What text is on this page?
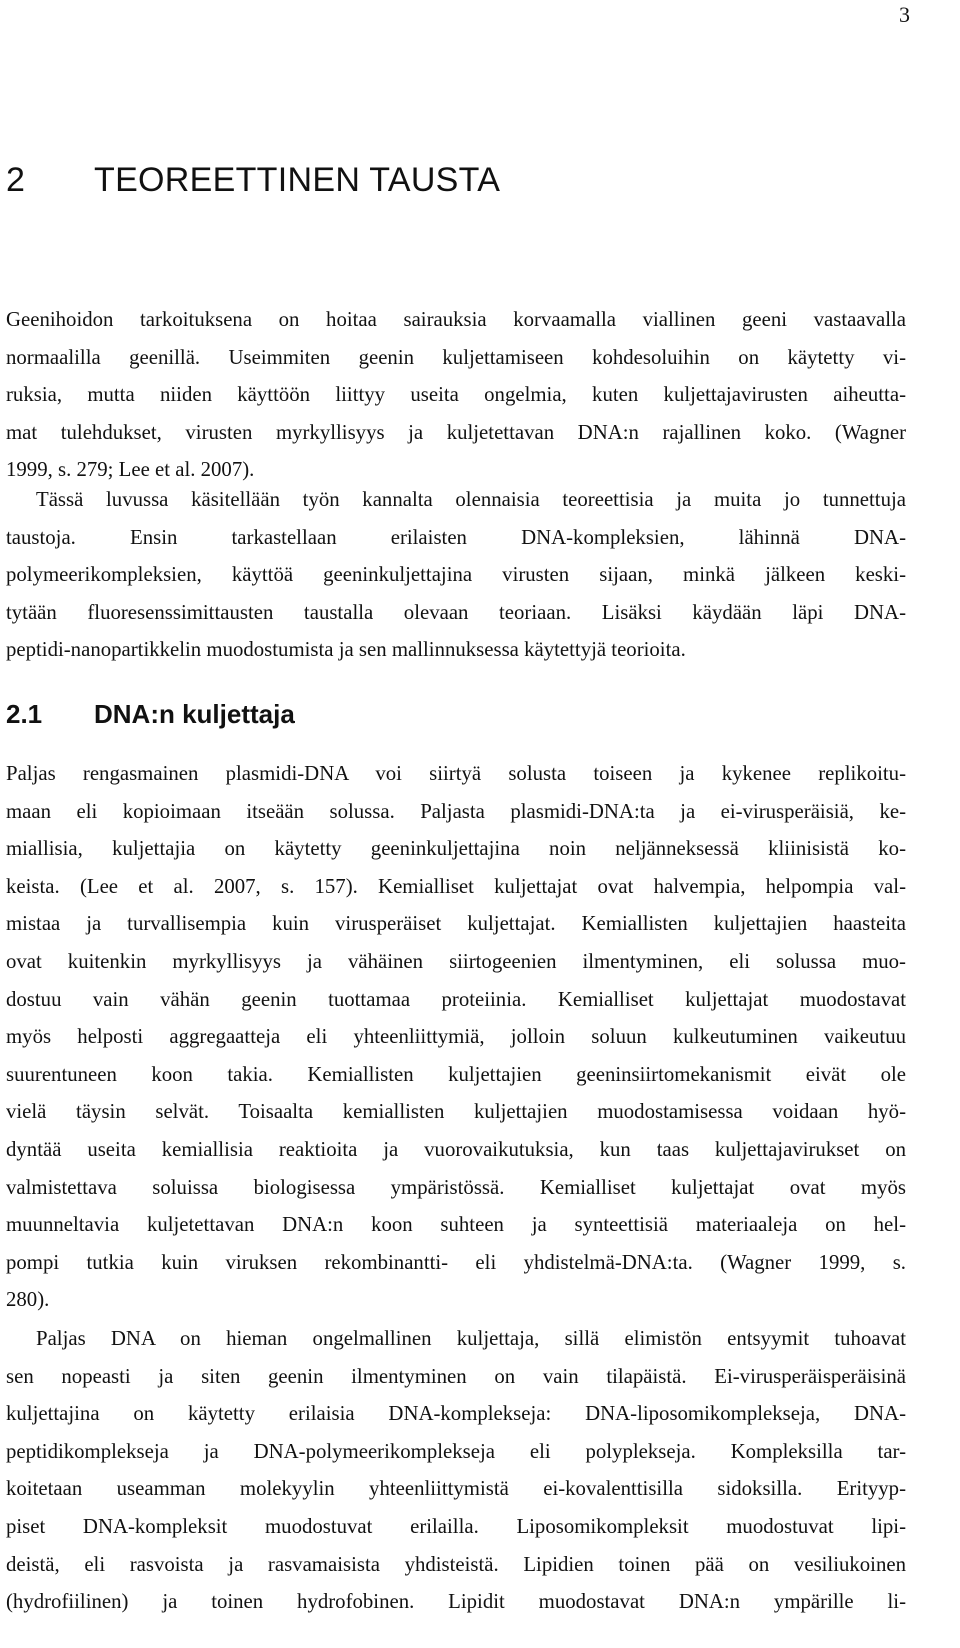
3
2 TEOREETTINEN TAUSTA
Geenihoidon tarkoituksena on hoitaa sairauksia korvaamalla viallinen geeni vastaavalla
normaalilla geenillä. Useimmiten geenin kuljettamiseen kohdesoluihin on käytetty vi-
ruksia, mutta niiden käyttöön liittyy useita ongelmia, kuten kuljettajavirusten aiheutta-
mat tulehdukset, virusten myrkyllisyys ja kuljetettavan DNA:n rajallinen koko. (Wagner
1999, s. 279; Lee et al. 2007).
Tässä luvussa käsitellään työn kannalta olennaisia teoreettisia ja muita jo tunnettuja
taustoja. Ensin tarkastellaan erilaisten DNA-kompleksien, lähinnä DNA-
polymeerikompleksien, käyttöä geeninkuljettajina virusten sijaan, minkä jälkeen keski-
tytään fluoresenssimittausten taustalla olevaan teoriaan. Lisäksi käydään läpi DNA-
peptidi-nanopartikkelin muodostumista ja sen mallinnuksessa käytettyjä teorioita.
2.1 DNA:n kuljettaja
Paljas rengasmainen plasmidi-DNA voi siirtyä solusta toiseen ja kykenee replikoitu-
maan eli kopioimaan itseään solussa. Paljasta plasmidi-DNA:ta ja ei-virusperäisiä, ke-
miallisia, kuljettajia on käytetty geeninkuljettajina noin neljänneksessä kliinisistä ko-
keista. (Lee et al. 2007, s. 157). Kemialliset kuljettajat ovat halvempia, helpompia val-
mistaa ja turvallisempia kuin virusperäiset kuljettajat. Kemiallisten kuljettajien haasteita
ovat kuitenkin myrkyllisyys ja vähäinen siirtogeenien ilmentyminen, eli solussa muo-
dostuu vain vähän geenin tuottamaa proteiinia. Kemialliset kuljettajat muodostavat
myös helposti aggregaatteja eli yhteenliittymiä, jolloin soluun kulkeutuminen vaikeutuu
suurentuneen koon takia. Kemiallisten kuljettajien geeninsiirtomekanismit eivät ole
vielä täysin selvät. Toisaalta kemiallisten kuljettajien muodostamisessa voidaan hyö-
dyntää useita kemiallisia reaktioita ja vuorovaikutuksia, kun taas kuljettajavirukset on
valmistettava soluissa biologisessa ympäristössä. Kemialliset kuljettajat ovat myös
muunneltavia kuljetettavan DNA:n koon suhteen ja synteettisiä materiaaleja on hel-
pompi tutkia kuin viruksen rekombinantti- eli yhdistelmä-DNA:ta. (Wagner 1999, s.
280).
Paljas DNA on hieman ongelmallinen kuljettaja, sillä elimistön entsyymit tuhoavat
sen nopeasti ja siten geenin ilmentyminen on vain tilapäistä. Ei-virusperäisperäisinä
kuljettajina on käytetty erilaisia DNA-komplekseja: DNA-liposomikomplekseja, DNA-
peptidikomplekseja ja DNA-polymeerikomplekseja eli polyplekseja. Kompleksilla tar-
koitetaan useamman molekyylin yhteenliittymistä ei-kovalenttisilla sidoksilla. Erityyp-
piset DNA-kompleksit muodostuvat erilailla. Liposomikompleksit muodostuvat lipi-
deistä, eli rasvoista ja rasvamaisista yhdisteistä. Lipidien toinen pää on vesiliukoinen
(hydrofiilinen) ja toinen hydrofobinen. Lipidit muodostavat DNA:n ympärille li-
